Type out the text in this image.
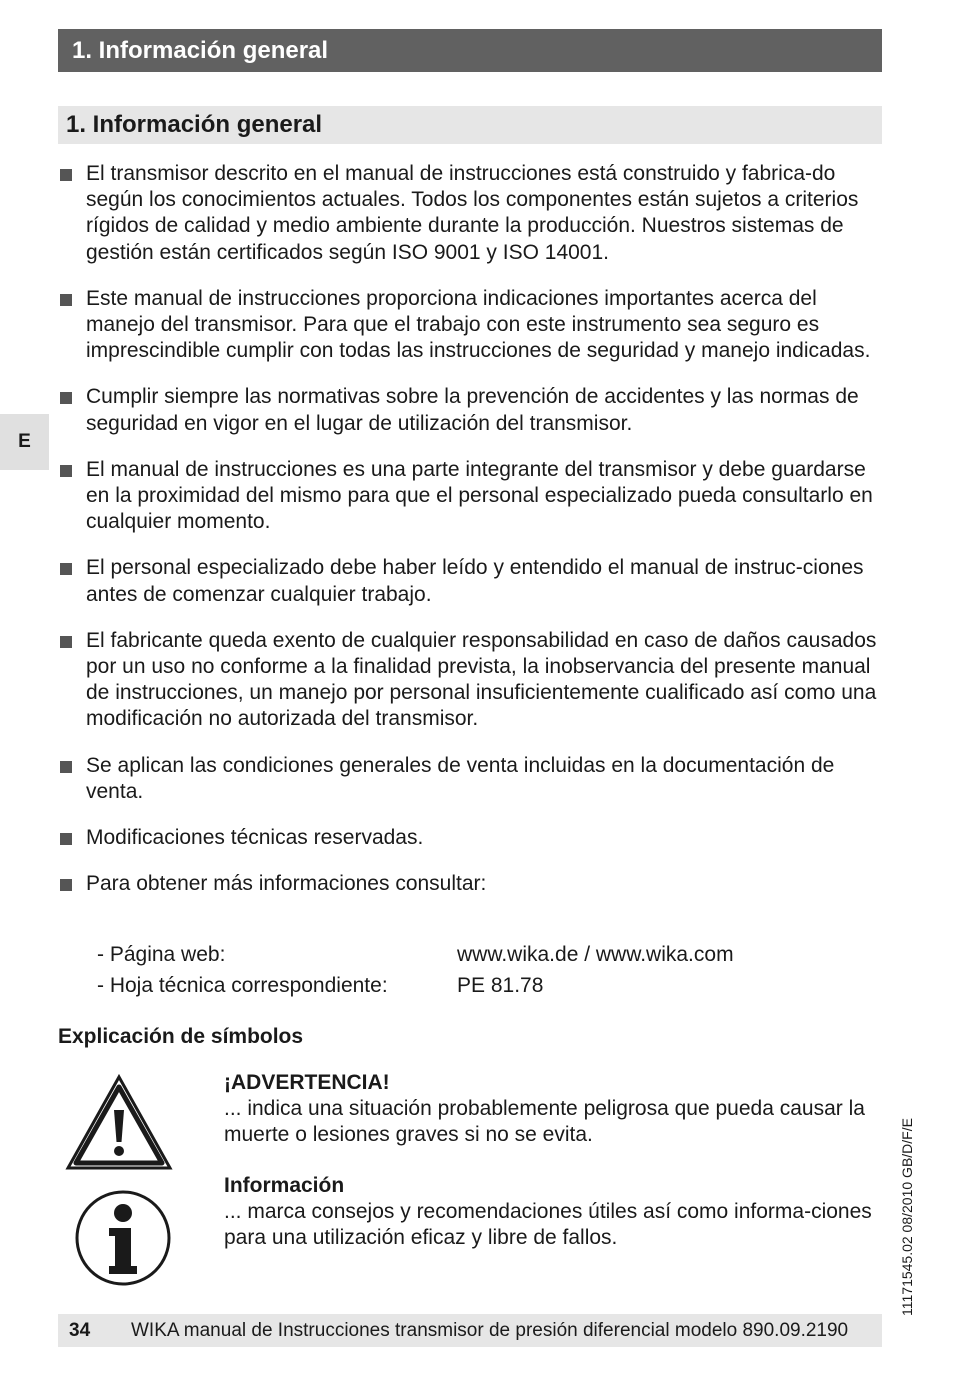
1. Información general
1. Información general
E
El transmisor descrito en el manual de instrucciones está construido y fabrica-do según los conocimientos actuales. Todos los componentes están sujetos a criterios rígidos de calidad y medio ambiente durante la producción. Nuestros sistemas de gestión están certificados según ISO 9001 y ISO 14001.
Este manual de instrucciones proporciona indicaciones importantes acerca del manejo del transmisor. Para que el trabajo con este instrumento sea seguro es imprescindible cumplir con todas las instrucciones de seguridad y manejo indicadas.
Cumplir siempre las normativas sobre la prevención de accidentes y las normas de seguridad en vigor en el lugar de utilización del transmisor.
El manual de instrucciones es una parte integrante del transmisor y debe guardarse en la proximidad del mismo para que el personal especializado pueda consultarlo en cualquier momento.
El personal especializado debe haber leído y entendido el manual de instruc-ciones antes de comenzar cualquier trabajo.
El fabricante queda exento de cualquier responsabilidad en caso de daños causados por un uso no conforme a la finalidad prevista, la inobservancia del presente manual de instrucciones, un manejo por personal insuficientemente cualificado así como una modificación no autorizada del transmisor.
Se aplican las condiciones generales de venta incluidas en la documentación de venta.
Modificaciones técnicas reservadas.
Para obtener más informaciones consultar:
- Página web:	www.wika.de / www.wika.com
- Hoja técnica correspondiente:	PE 81.78
Explicación de símbolos
¡ADVERTENCIA!
... indica una situación probablemente peligrosa que pueda causar la muerte o lesiones graves si no se evita.
Información
... marca consejos y recomendaciones útiles así como informa-ciones para una utilización eficaz y libre de fallos.	11171545.02 08/2010 GB/D/F/E
34	WIKA manual de Instrucciones transmisor de presión diferencial modelo 890.09.2190
